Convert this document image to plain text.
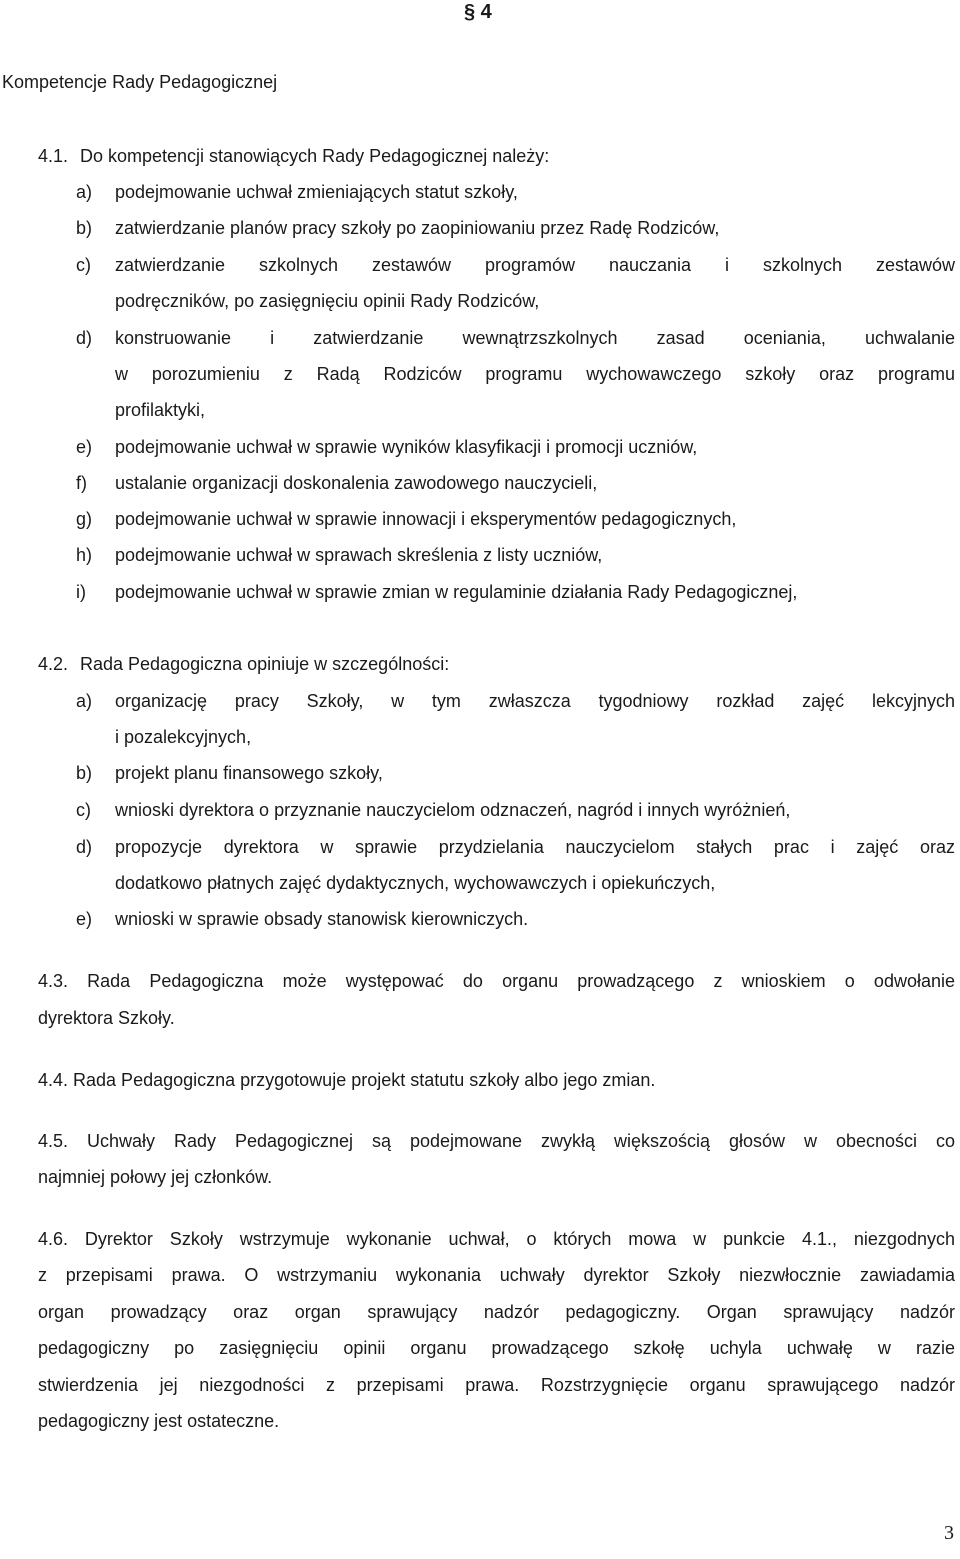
§ 4
Kompetencje Rady Pedagogicznej
4.1. Do kompetencji stanowiących Rady Pedagogicznej należy:
a) podejmowanie uchwał zmieniających statut szkoły,
b) zatwierdzanie planów pracy szkoły po zaopiniowaniu przez Radę Rodziców,
c) zatwierdzanie szkolnych zestawów programów nauczania i szkolnych zestawów
podręczników, po zasięgnięciu opinii Rady Rodziców,
d) konstruowanie i zatwierdzanie wewnątrzszkolnych zasad oceniania, uchwalanie
w porozumieniu z Radą Rodziców programu wychowawczego szkoły oraz programu
profilaktyki,
e) podejmowanie uchwał w sprawie wyników klasyfikacji i promocji uczniów,
f) ustalanie organizacji doskonalenia zawodowego nauczycieli,
g) podejmowanie uchwał w sprawie innowacji i eksperymentów pedagogicznych,
h) podejmowanie uchwał w sprawach skreślenia z listy uczniów,
i) podejmowanie uchwał w sprawie zmian w regulaminie działania Rady Pedagogicznej,
4.2. Rada Pedagogiczna opiniuje w szczególności:
a) organizację pracy Szkoły, w tym zwłaszcza tygodniowy rozkład zajęć lekcyjnych
i pozalekcyjnych,
b) projekt planu finansowego szkoły,
c) wnioski dyrektora o przyznanie nauczycielom odznaczeń, nagród i innych wyróżnień,
d) propozycje dyrektora w sprawie przydzielania nauczycielom stałych prac i zajęć oraz
dodatkowo płatnych zajęć dydaktycznych, wychowawczych i opiekuńczych,
e) wnioski w sprawie obsady stanowisk kierowniczych.
4.3. Rada Pedagogiczna może występować do organu prowadzącego z wnioskiem o odwołanie
dyrektora Szkoły.
4.4. Rada Pedagogiczna przygotowuje projekt statutu szkoły albo jego zmian.
4.5. Uchwały Rady Pedagogicznej są podejmowane zwykłą większością głosów w obecności co
najmniej połowy jej członków.
4.6. Dyrektor Szkoły wstrzymuje wykonanie uchwał, o których mowa w punkcie 4.1., niezgodnych
z przepisami prawa. O wstrzymaniu wykonania uchwały dyrektor Szkoły niezwłocznie zawiadamia
organ prowadzący oraz organ sprawujący nadzór pedagogiczny. Organ sprawujący nadzór
pedagogiczny po zasięgnięciu opinii organu prowadzącego szkołę uchyla uchwałę w razie
stwierdzenia jej niezgodności z przepisami prawa. Rozstrzygnięcie organu sprawującego nadzór
pedagogiczny jest ostateczne.
3
